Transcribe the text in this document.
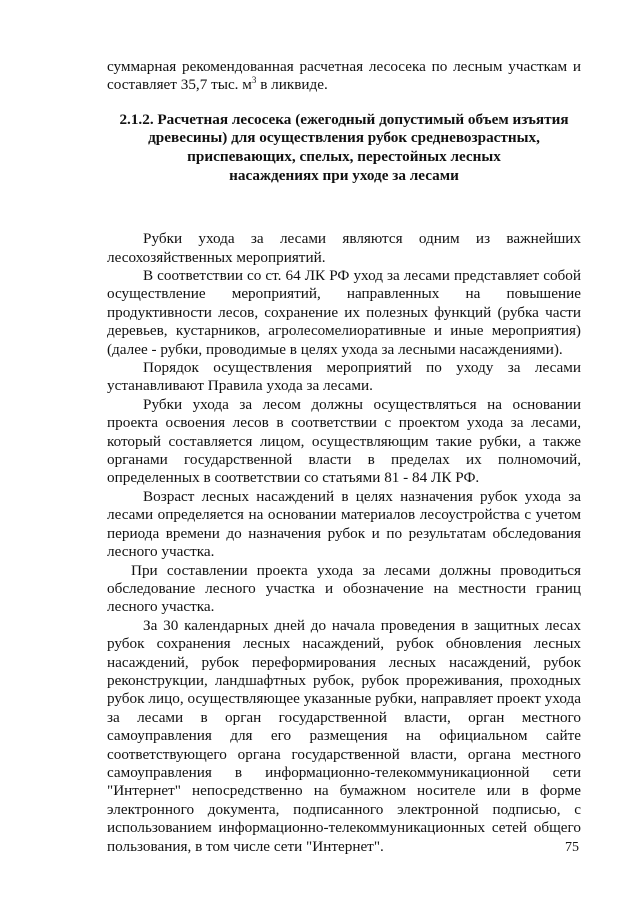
суммарная рекомендованная расчетная лесосека по лесным участкам и составляет 35,7 тыс. $м^3$ в ликвиде.

2.1.2. Расчетная лесосека (ежегодный допустимый объем изъятия
древесины) для осуществления рубок средневозрастных,
приспевающих, спелых, перестойных лесных
насаждениях при уходе за лесами

Рубки ухода за лесами являются одним из важнейших лесохозяйственных мероприятий.

В соответствии со ст. 64 ЛК РФ уход за лесами представляет собой осуществление мероприятий, направленных на повышение продуктивности лесов, сохранение их полезных функций (рубка части деревьев, кустарников, агролесомелиоративные и иные мероприятия) (далее - рубки, проводимые в целях ухода за лесными насаждениями).

Порядок осуществления мероприятий по уходу за лесами устанавливают Правила ухода за лесами.

Рубки ухода за лесом должны осуществляться на основании проекта освоения лесов в соответствии с проектом ухода за лесами, который составляется лицом, осуществляющим такие рубки, а также органами государственной власти в пределах их полномочий, определенных в соответствии со статьями 81 - 84 ЛК РФ.

Возраст лесных насаждений в целях назначения рубок ухода за лесами определяется на основании материалов лесоустройства с учетом периода времени до назначения рубок и по результатам обследования лесного участка.

При составлении проекта ухода за лесами должны проводиться обследование лесного участка и обозначение на местности границ лесного участка.

За 30 календарных дней до начала проведения в защитных лесах рубок сохранения лесных насаждений, рубок обновления лесных насаждений, рубок переформирования лесных насаждений, рубок реконструкции, ландшафтных рубок, рубок прореживания, проходных рубок лицо, осуществляющее указанные рубки, направляет проект ухода за лесами в орган государственной власти, орган местного самоуправления для его размещения на официальном сайте соответствующего органа государственной власти, органа местного самоуправления в информационно-телекоммуникационной сети "Интернет" непосредственно на бумажном носителе или в форме электронного документа, подписанного электронной подписью, с использованием информационно-телекоммуникационных сетей общего пользования, в том числе сети "Интернет".	75
